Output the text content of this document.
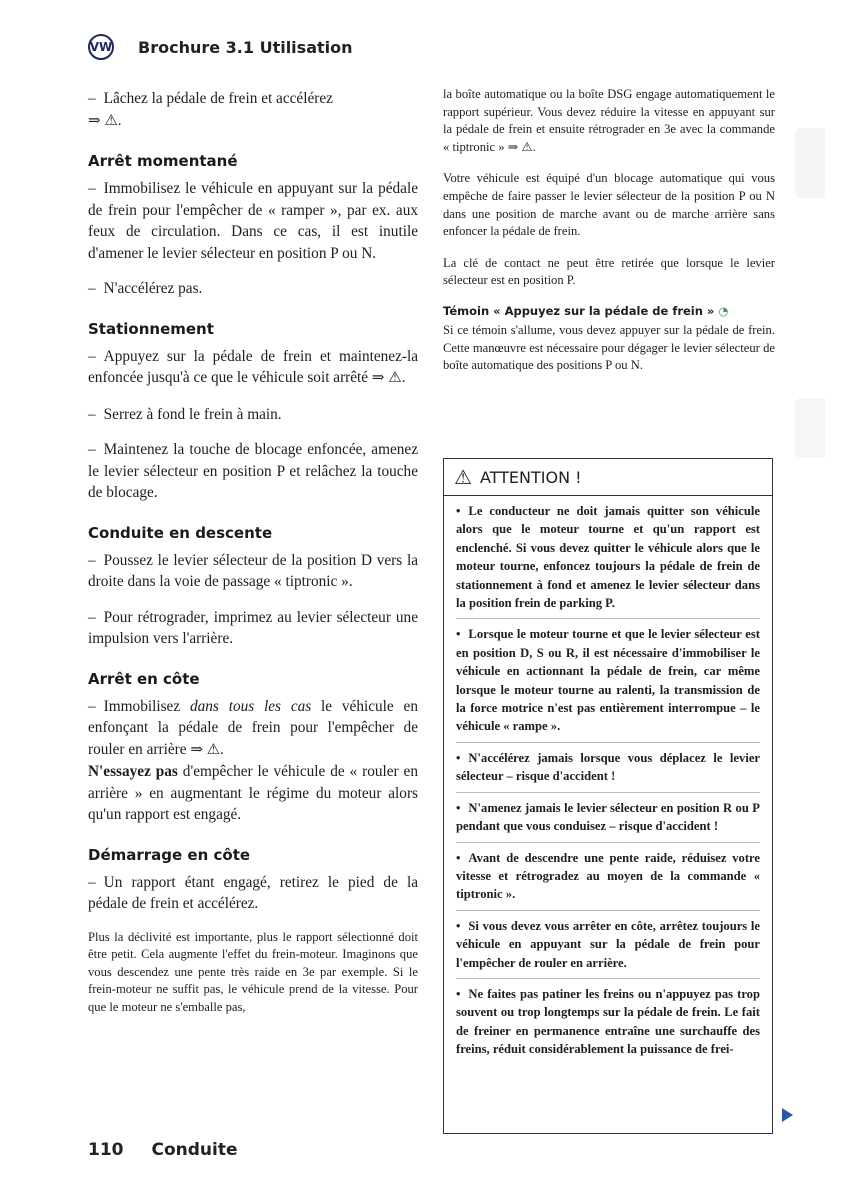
VW Brochure 3.1 Utilisation

– Lâchez la pédale de frein et accélérez
⇒ ⚠.

Arrêt momentané

– Immobilisez le véhicule en appuyant sur la pédale de frein pour l'empêcher de « ramper », par ex. aux feux de circulation. Dans ce cas, il est inutile d'amener le levier sélecteur en position P ou N.

– N'accélérez pas.

Stationnement

– Appuyez sur la pédale de frein et maintenez-la enfoncée jusqu'à ce que le véhicule soit arrêté ⇒ ⚠.

– Serrez à fond le frein à main.

– Maintenez la touche de blocage enfoncée, amenez le levier sélecteur en position P et relâchez la touche de blocage.

Conduite en descente

– Poussez le levier sélecteur de la position D vers la droite dans la voie de passage « tiptronic ».

– Pour rétrograder, imprimez au levier sélecteur une impulsion vers l'arrière.

Arrêt en côte

– Immobilisez dans tous les cas le véhicule en enfonçant la pédale de frein pour l'empêcher de rouler en arrière ⇒ ⚠.
N'essayez pas d'empêcher le véhicule de « rouler en arrière » en augmentant le régime du moteur alors qu'un rapport est engagé.

Démarrage en côte

– Un rapport étant engagé, retirez le pied de la pédale de frein et accélérez.

Plus la déclivité est importante, plus le rapport sélectionné doit être petit. Cela augmente l'effet du frein-moteur. Imaginons que vous descendez une pente très raide en 3e par exemple. Si le frein-moteur ne suffit pas, le véhicule prend de la vitesse. Pour que le moteur ne s'emballe pas,

la boîte automatique ou la boîte DSG engage automatiquement le rapport supérieur. Vous devez réduire la vitesse en appuyant sur la pédale de frein et ensuite rétrograder en 3e avec la commande « tiptronic » ⇒ ⚠.

Votre véhicule est équipé d'un blocage automatique qui vous empêche de faire passer le levier sélecteur de la position P ou N dans une position de marche avant ou de marche arrière sans enfoncer la pédale de frein.

La clé de contact ne peut être retirée que lorsque le levier sélecteur est en position P.

Témoin « Appuyez sur la pédale de frein » ◔

Si ce témoin s'allume, vous devez appuyer sur la pédale de frein. Cette manœuvre est nécessaire pour dégager le levier sélecteur de boîte automatique des positions P ou N.

⚠ ATTENTION !

• Le conducteur ne doit jamais quitter son véhicule alors que le moteur tourne et qu'un rapport est enclenché. Si vous devez quitter le véhicule alors que le moteur tourne, enfoncez toujours la pédale de frein de stationnement à fond et amenez le levier sélecteur dans la position frein de parking P.

• Lorsque le moteur tourne et que le levier sélecteur est en position D, S ou R, il est nécessaire d'immobiliser le véhicule en actionnant la pédale de frein, car même lorsque le moteur tourne au ralenti, la transmission de la force motrice n'est pas entièrement interrompue – le véhicule « rampe ».

• N'accélérez jamais lorsque vous déplacez le levier sélecteur – risque d'accident !

• N'amenez jamais le levier sélecteur en position R ou P pendant que vous conduisez – risque d'accident !

• Avant de descendre une pente raide, réduisez votre vitesse et rétrogradez au moyen de la commande « tiptronic ».

• Si vous devez vous arrêter en côte, arrêtez toujours le véhicule en appuyant sur la pédale de frein pour l'empêcher de rouler en arrière.

• Ne faites pas patiner les freins ou n'appuyez pas trop souvent ou trop longtemps sur la pédale de frein. Le fait de freiner en permanence entraîne une surchauffe des freins, réduit considérablement la puissance de frei-

110 Conduite
